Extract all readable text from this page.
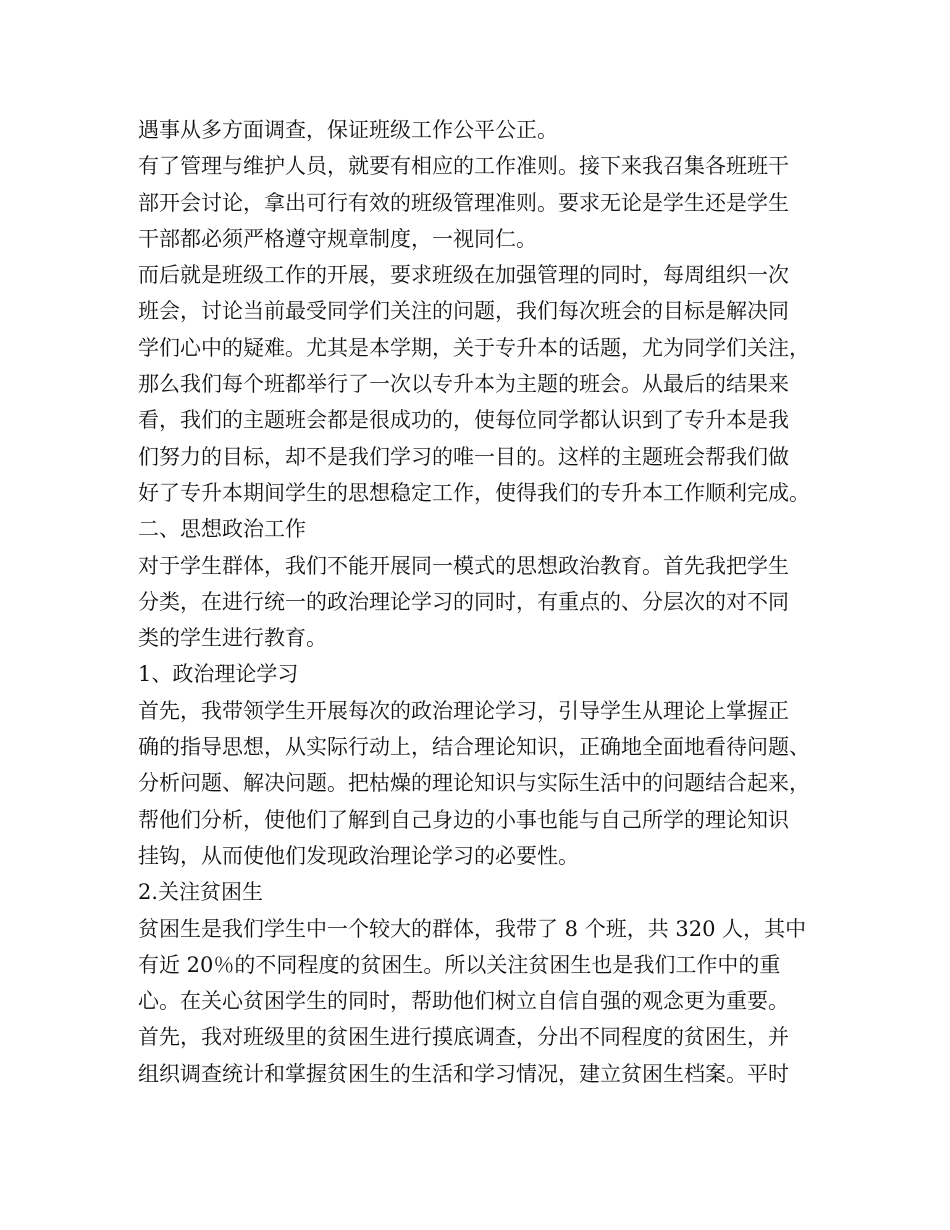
遇事从多方面调查，保证班级工作公平公正。
有了管理与维护人员，就要有相应的工作准则。接下来我召集各班班干
部开会讨论，拿出可行有效的班级管理准则。要求无论是学生还是学生
干部都必须严格遵守规章制度，一视同仁。
而后就是班级工作的开展，要求班级在加强管理的同时，每周组织一次
班会，讨论当前最受同学们关注的问题，我们每次班会的目标是解决同
学们心中的疑难。尤其是本学期，关于专升本的话题，尤为同学们关注，
那么我们每个班都举行了一次以专升本为主题的班会。从最后的结果来
看，我们的主题班会都是很成功的，使每位同学都认识到了专升本是我
们努力的目标，却不是我们学习的唯一目的。这样的主题班会帮我们做
好了专升本期间学生的思想稳定工作，使得我们的专升本工作顺利完成。
二、思想政治工作
对于学生群体，我们不能开展同一模式的思想政治教育。首先我把学生
分类，在进行统一的政治理论学习的同时，有重点的、分层次的对不同
类的学生进行教育。
1、政治理论学习
首先，我带领学生开展每次的政治理论学习，引导学生从理论上掌握正
确的指导思想，从实际行动上，结合理论知识，正确地全面地看待问题、
分析问题、解决问题。把枯燥的理论知识与实际生活中的问题结合起来，
帮他们分析，使他们了解到自己身边的小事也能与自己所学的理论知识
挂钩，从而使他们发现政治理论学习的必要性。
2.关注贫困生
贫困生是我们学生中一个较大的群体，我带了 8 个班，共 320 人，其中
有近 20％的不同程度的贫困生。所以关注贫困生也是我们工作中的重
心。在关心贫困学生的同时，帮助他们树立自信自强的观念更为重要。
首先，我对班级里的贫困生进行摸底调查，分出不同程度的贫困生，并
组织调查统计和掌握贫困生的生活和学习情况，建立贫困生档案。平时
